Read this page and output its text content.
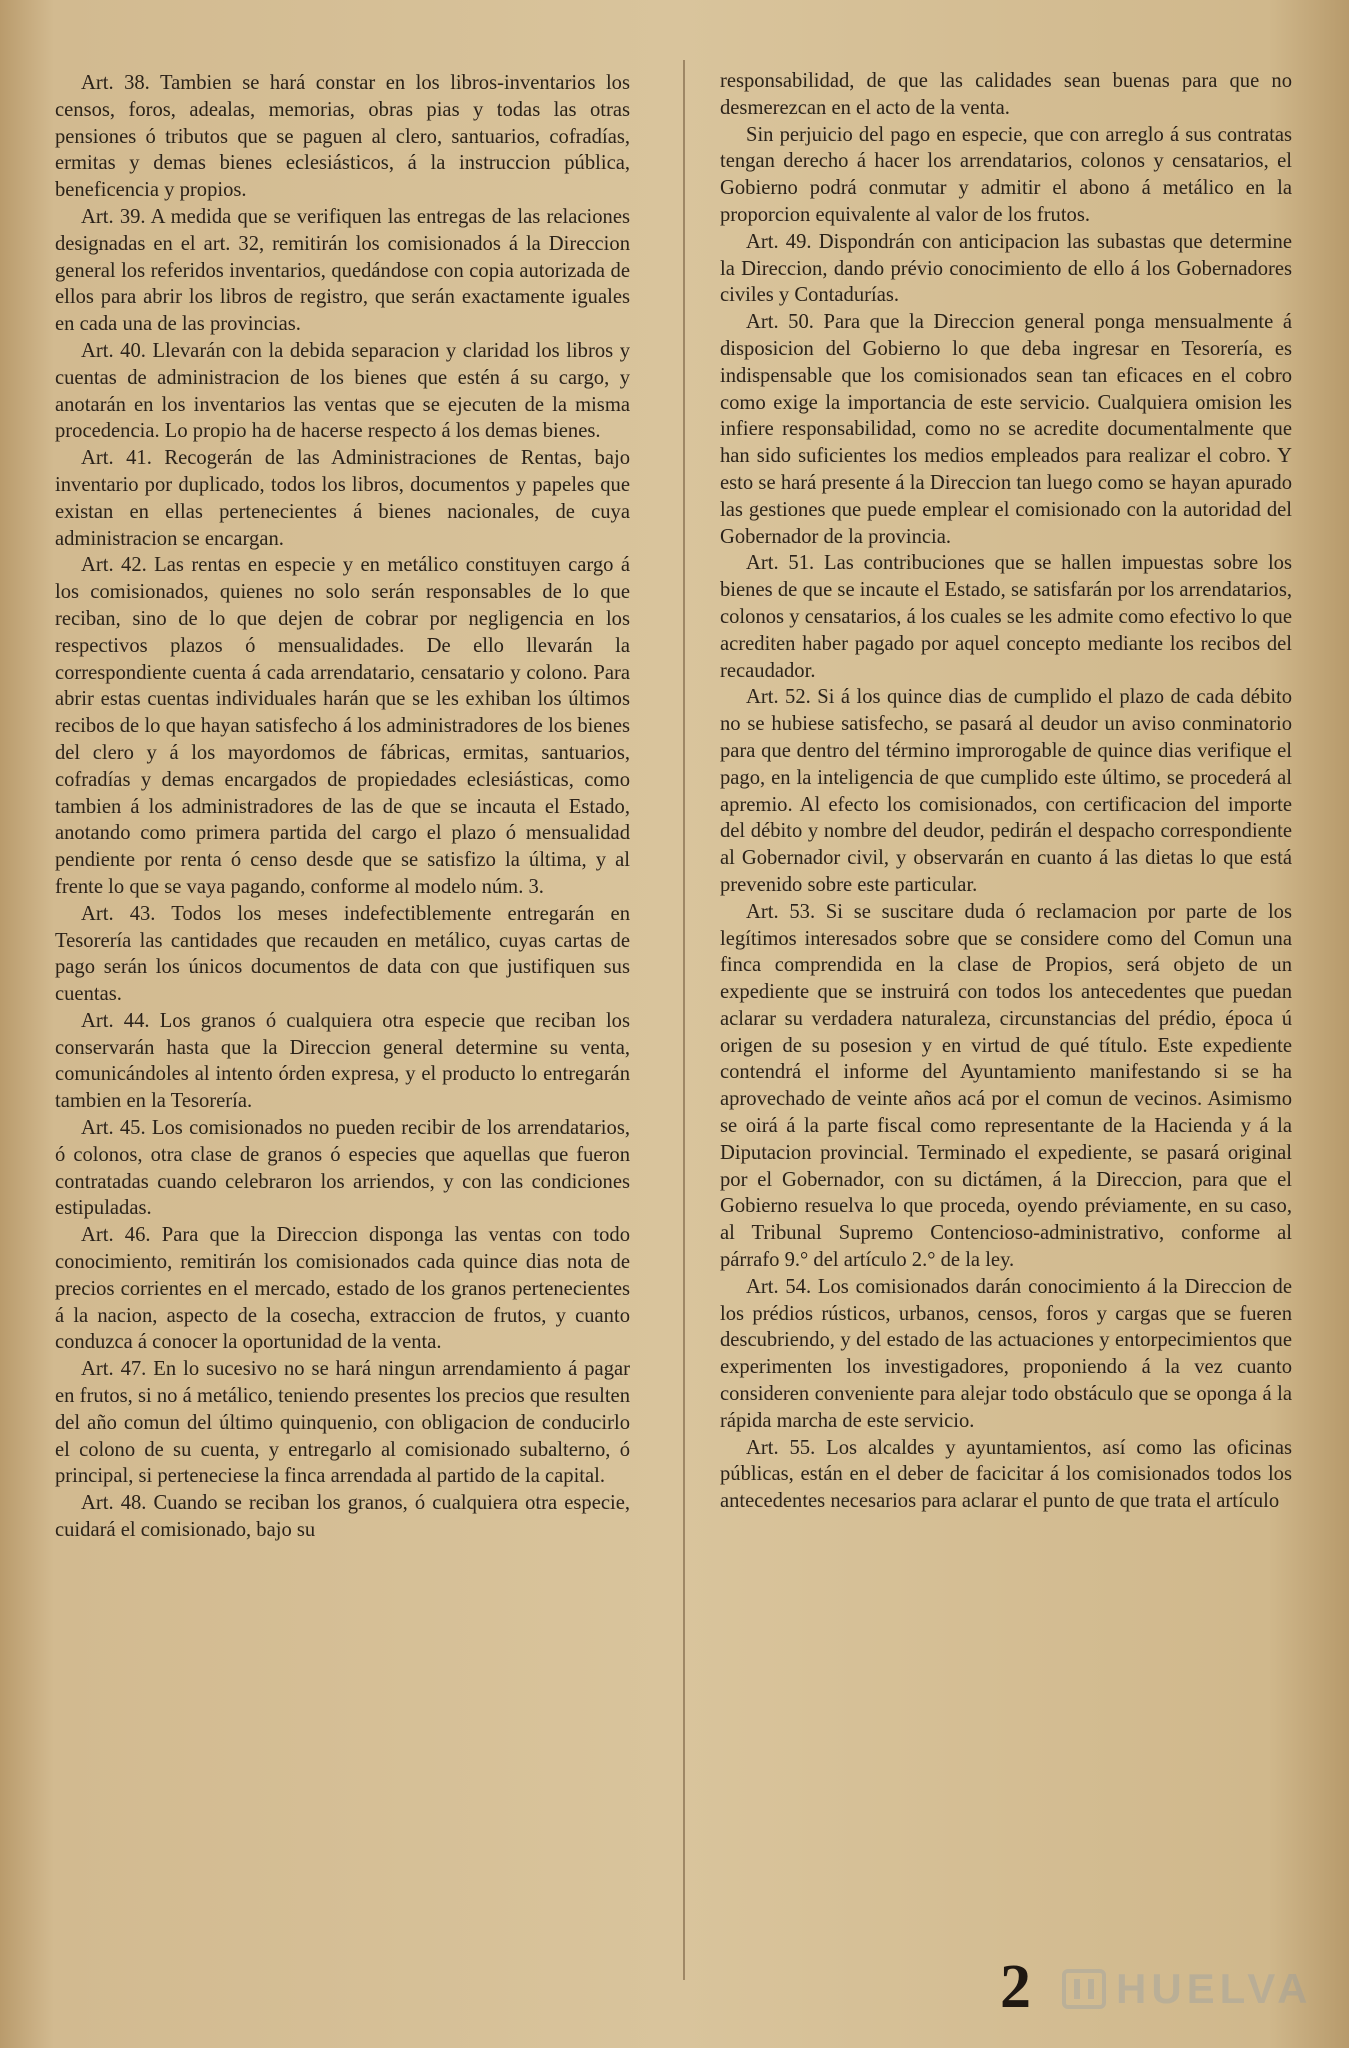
Art. 38. Tambien se hará constar en los libros-inventarios los censos, foros, adealas, memorias, obras pias y todas las otras pensiones ó tributos que se paguen al clero, santuarios, cofradías, ermitas y demas bienes eclesiásticos, á la instruccion pública, beneficencia y propios.

Art. 39. A medida que se verifiquen las entregas de las relaciones designadas en el art. 32, remitirán los comisionados á la Direccion general los referidos inventarios, quedándose con copia autorizada de ellos para abrir los libros de registro, que serán exactamente iguales en cada una de las provincias.

Art. 40. Llevarán con la debida separacion y claridad los libros y cuentas de administracion de los bienes que estén á su cargo, y anotarán en los inventarios las ventas que se ejecuten de la misma procedencia. Lo propio ha de hacerse respecto á los demas bienes.

Art. 41. Recogerán de las Administraciones de Rentas, bajo inventario por duplicado, todos los libros, documentos y papeles que existan en ellas pertenecientes á bienes nacionales, de cuya administracion se encargan.

Art. 42. Las rentas en especie y en metálico constituyen cargo á los comisionados, quienes no solo serán responsables de lo que reciban, sino de lo que dejen de cobrar por negligencia en los respectivos plazos ó mensualidades. De ello llevarán la correspondiente cuenta á cada arrendatario, censatario y colono. Para abrir estas cuentas individuales harán que se les exhiban los últimos recibos de lo que hayan satisfecho á los administradores de los bienes del clero y á los mayordomos de fábricas, ermitas, santuarios, cofradías y demas encargados de propiedades eclesiásticas, como tambien á los administradores de las de que se incauta el Estado, anotando como primera partida del cargo el plazo ó mensualidad pendiente por renta ó censo desde que se satisfizo la última, y al frente lo que se vaya pagando, conforme al modelo núm. 3.

Art. 43. Todos los meses indefectiblemente entregarán en Tesorería las cantidades que recauden en metálico, cuyas cartas de pago serán los únicos documentos de data con que justifiquen sus cuentas.

Art. 44. Los granos ó cualquiera otra especie que reciban los conservarán hasta que la Direccion general determine su venta, comunicándoles al intento órden expresa, y el producto lo entregarán tambien en la Tesorería.

Art. 45. Los comisionados no pueden recibir de los arrendatarios, ó colonos, otra clase de granos ó especies que aquellas que fueron contratadas cuando celebraron los arriendos, y con las condiciones estipuladas.

Art. 46. Para que la Direccion disponga las ventas con todo conocimiento, remitirán los comisionados cada quince dias nota de precios corrientes en el mercado, estado de los granos pertenecientes á la nacion, aspecto de la cosecha, extraccion de frutos, y cuanto conduzca á conocer la oportunidad de la venta.

Art. 47. En lo sucesivo no se hará ningun arrendamiento á pagar en frutos, si no á metálico, teniendo presentes los precios que resulten del año comun del último quinquenio, con obligacion de conducirlo el colono de su cuenta, y entregarlo al comisionado subalterno, ó principal, si perteneciese la finca arrendada al partido de la capital.

Art. 48. Cuando se reciban los granos, ó cualquiera otra especie, cuidará el comisionado, bajo su

responsabilidad, de que las calidades sean buenas para que no desmerezcan en el acto de la venta.

Sin perjuicio del pago en especie, que con arreglo á sus contratas tengan derecho á hacer los arrendatarios, colonos y censatarios, el Gobierno podrá conmutar y admitir el abono á metálico en la proporcion equivalente al valor de los frutos.

Art. 49. Dispondrán con anticipacion las subastas que determine la Direccion, dando prévio conocimiento de ello á los Gobernadores civiles y Contadurías.

Art. 50. Para que la Direccion general ponga mensualmente á disposicion del Gobierno lo que deba ingresar en Tesorería, es indispensable que los comisionados sean tan eficaces en el cobro como exige la importancia de este servicio. Cualquiera omision les infiere responsabilidad, como no se acredite documentalmente que han sido suficientes los medios empleados para realizar el cobro. Y esto se hará presente á la Direccion tan luego como se hayan apurado las gestiones que puede emplear el comisionado con la autoridad del Gobernador de la provincia.

Art. 51. Las contribuciones que se hallen impuestas sobre los bienes de que se incaute el Estado, se satisfarán por los arrendatarios, colonos y censatarios, á los cuales se les admite como efectivo lo que acrediten haber pagado por aquel concepto mediante los recibos del recaudador.

Art. 52. Si á los quince dias de cumplido el plazo de cada débito no se hubiese satisfecho, se pasará al deudor un aviso conminatorio para que dentro del término improrogable de quince dias verifique el pago, en la inteligencia de que cumplido este último, se procederá al apremio. Al efecto los comisionados, con certificacion del importe del débito y nombre del deudor, pedirán el despacho correspondiente al Gobernador civil, y observarán en cuanto á las dietas lo que está prevenido sobre este particular.

Art. 53. Si se suscitare duda ó reclamacion por parte de los legítimos interesados sobre que se considere como del Comun una finca comprendida en la clase de Propios, será objeto de un expediente que se instruirá con todos los antecedentes que puedan aclarar su verdadera naturaleza, circunstancias del prédio, época ú origen de su posesion y en virtud de qué título. Este expediente contendrá el informe del Ayuntamiento manifestando si se ha aprovechado de veinte años acá por el comun de vecinos. Asimismo se oirá á la parte fiscal como representante de la Hacienda y á la Diputacion provincial. Terminado el expediente, se pasará original por el Gobernador, con su dictámen, á la Direccion, para que el Gobierno resuelva lo que proceda, oyendo préviamente, en su caso, al Tribunal Supremo Contencioso-administrativo, conforme al párrafo 9.° del artículo 2.° de la ley.

Art. 54. Los comisionados darán conocimiento á la Direccion de los prédios rústicos, urbanos, censos, foros y cargas que se fueren descubriendo, y del estado de las actuaciones y entorpecimientos que experimenten los investigadores, proponiendo á la vez cuanto consideren conveniente para alejar todo obstáculo que se oponga á la rápida marcha de este servicio.

Art. 55. Los alcaldes y ayuntamientos, así como las oficinas públicas, están en el deber de facicitar á los comisionados todos los antecedentes necesarios para aclarar el punto de que trata el artículo

2 HUELVA
